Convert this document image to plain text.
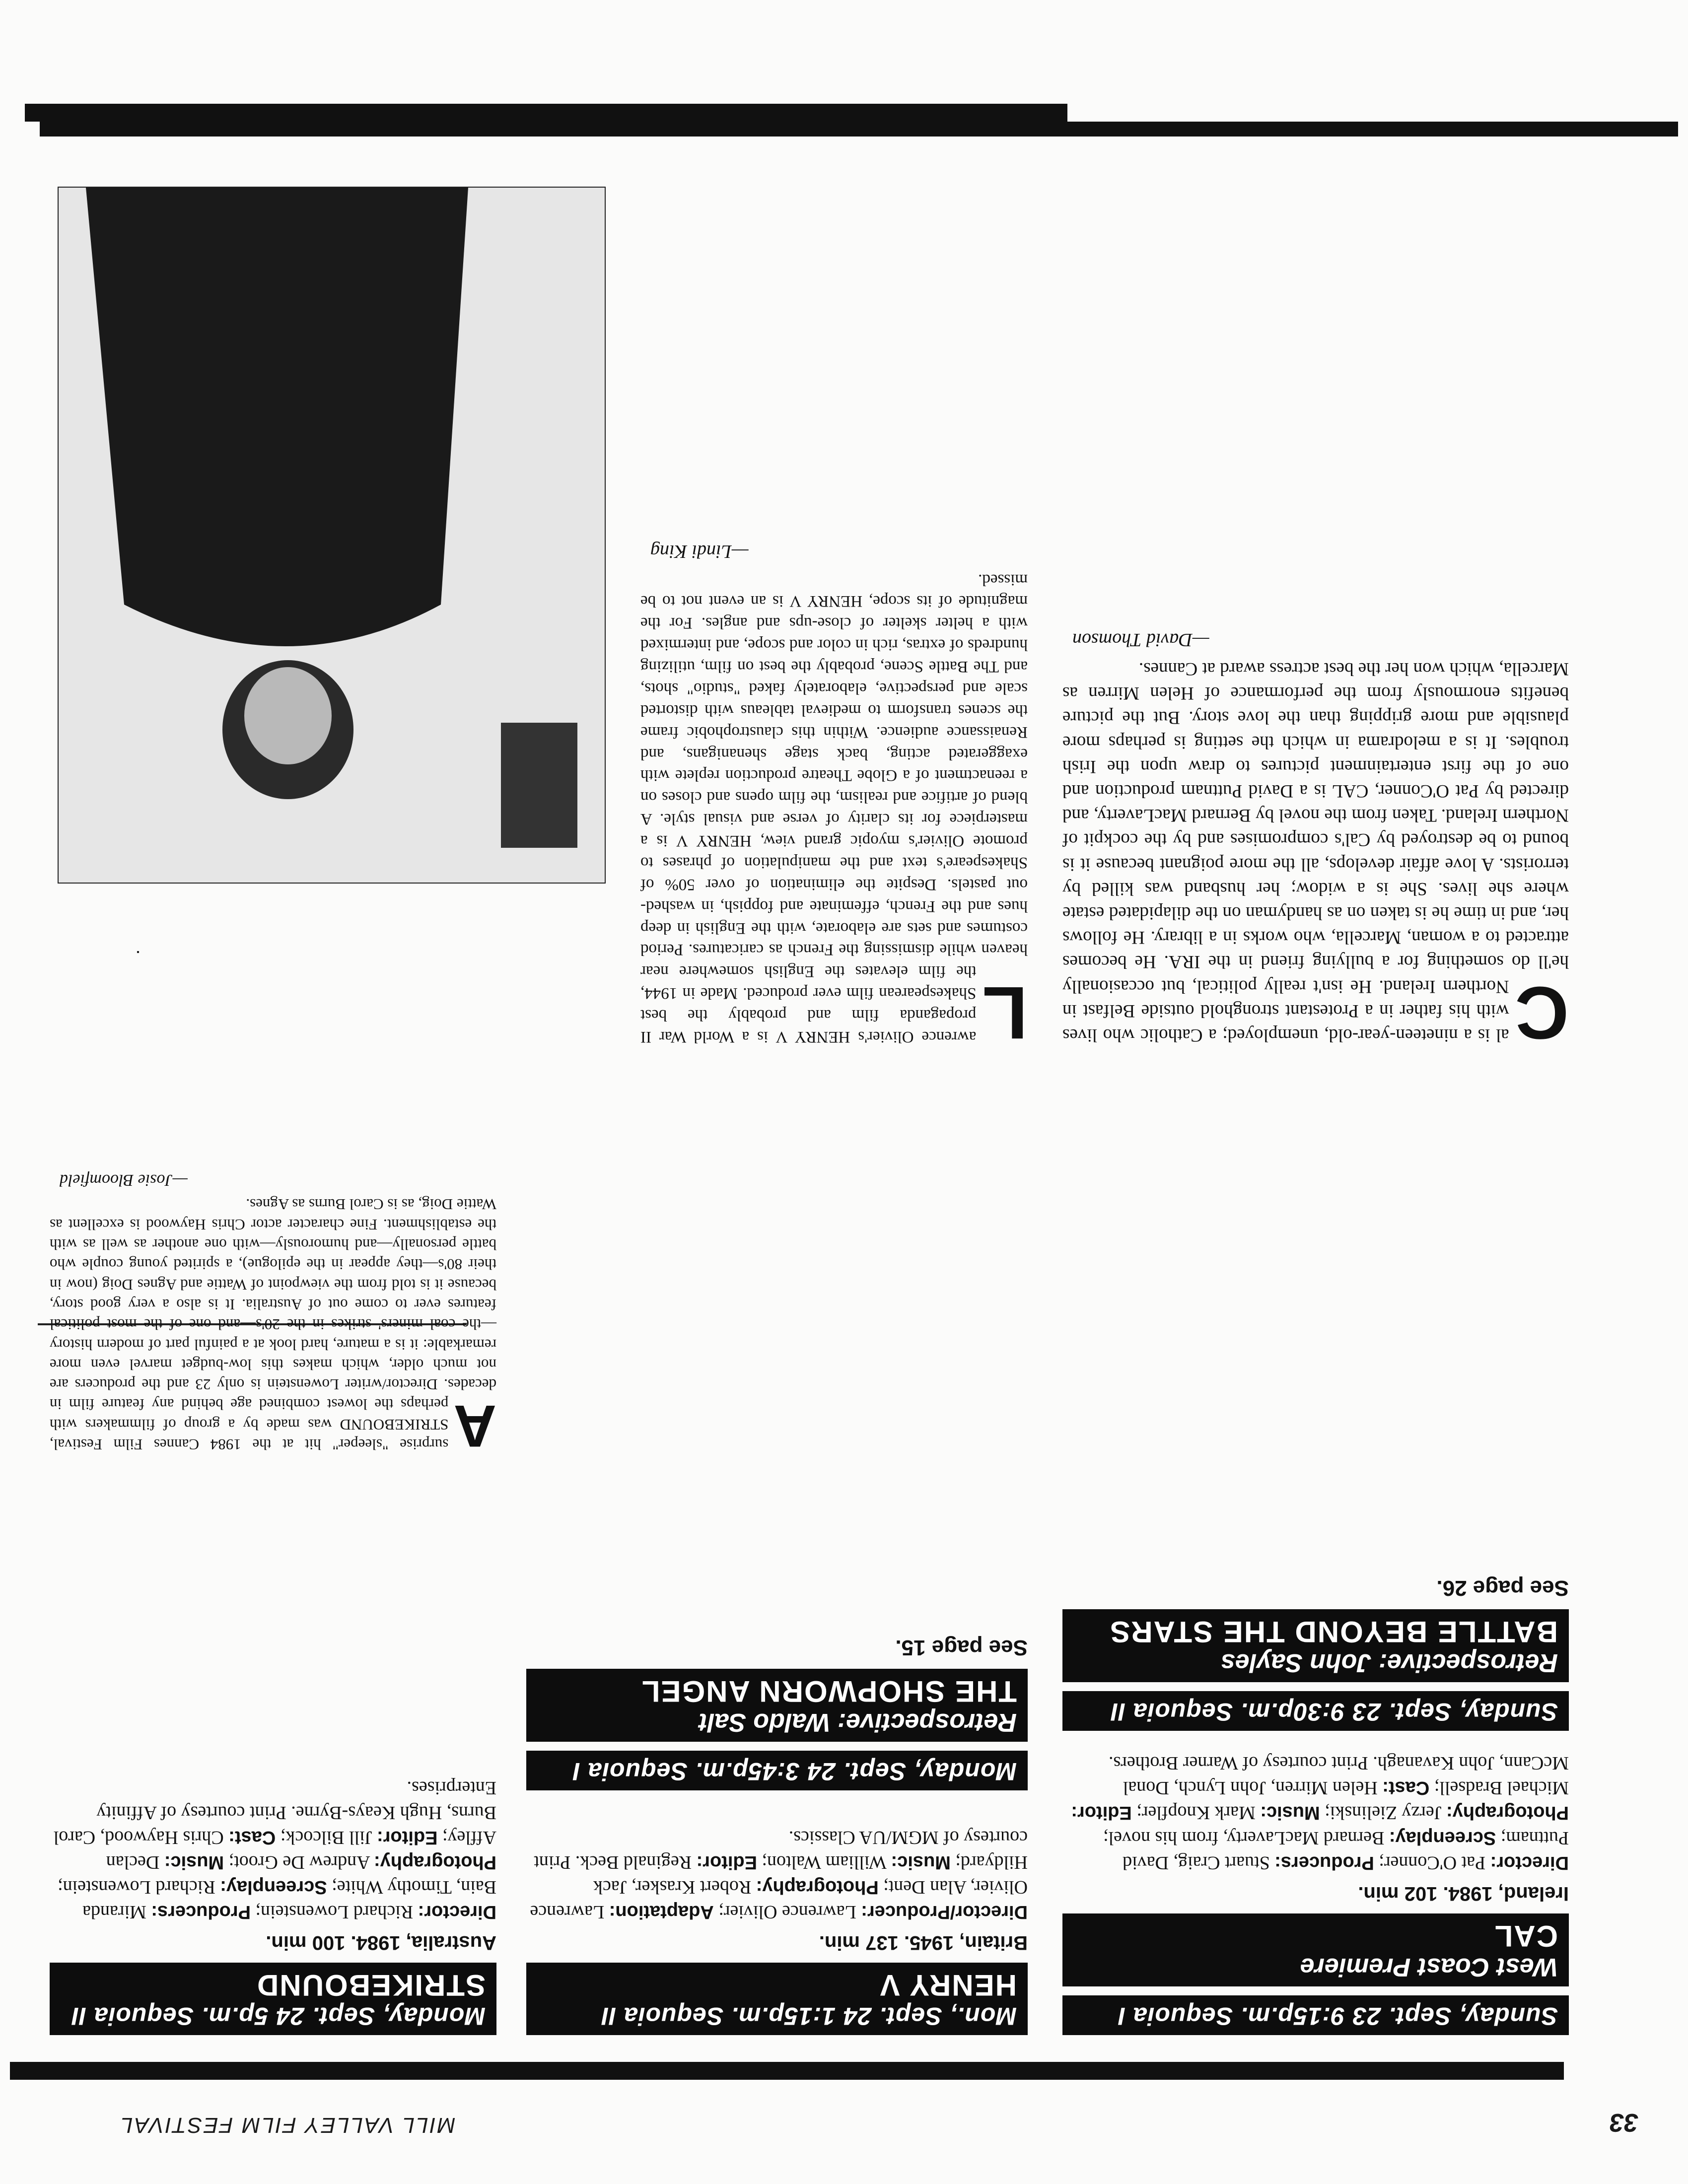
33
MILL VALLEY FILM FESTIVAL
Sunday, Sept. 23 9:15p.m. Sequoia I
West Coast Premiere
CAL
Ireland, 1984. 102 min.
Director: Pat O'Conner; Producers: Stuart Craig, David Puttnam; Screenplay: Bernard MacLaverty, from his novel; Photography: Jerzy Zielinski; Music: Mark Knopfler; Editor: Michael Bradsell; Cast: Helen Mirren, John Lynch, Donal McCann, John Kavanagh. Print courtesy of Warner Brothers.
Sunday, Sept. 23 9:30p.m. Sequoia II
Retrospective: John Sayles
BATTLE BEYOND THE STARS
See page 26.
Mon., Sept. 24 1:15p.m. Sequoia II
HENRY V
Britain, 1945. 137 min.
Director/Producer: Lawrence Olivier; Adaptation: Lawrence Olivier, Alan Dent; Photography: Robert Krasker, Jack Hildyard; Music: William Walton; Editor: Reginald Beck. Print courtesy of MGM/UA Classics.
Monday, Sept. 24 3:45p.m. Sequoia I
Retrospective: Waldo Salt
THE SHOPWORN ANGEL
See page 15.
Monday, Sept. 24 5p.m. Sequoia II
STRIKEBOUND
Australia, 1984. 100 min.
Director: Richard Lowenstein; Producers: Miranda Bain, Timothy White; Screenplay: Richard Lowenstein; Photography: Andrew De Groot; Music: Declan Affley; Editor: Jill Bilcock; Cast: Chris Haywood, Carol Burns, Hugh Keays-Byrne. Print courtesy of Affinity Enterprises.
C
al is a nineteen-year-old, unemployed; a Catholic who lives with his father in a Protestant stronghold outside Belfast in Northern Ireland. He isn't really political, but occasionally he'll do something for a bullying friend in the IRA. He becomes attracted to a woman, Marcella, who works in a library. He follows her, and in time he is taken on as handyman on the dilapidated estate where she lives. She is a widow; her husband was killed by terrorists. A love affair develops, all the more poignant because it is bound to be destroyed by Cal's compromises and by the cockpit of Northern Ireland. Taken from the novel by Bernard MacLaverty, and directed by Pat O'Conner, CAL is a David Puttnam production and one of the first entertainment pictures to draw upon the Irish troubles. It is a melodrama in which the setting is perhaps more plausible and more gripping than the love story. But the picture benefits enormously from the performance of Helen Mirren as Marcella, which won her the best actress award at Cannes.
—David Thomson
L
awrence Olivier's HENRY V is a World War II propaganda film and probably the best Shakespearean film ever produced. Made in 1944, the film elevates the English somewhere near heaven while dismissing the French as caricatures. Period costumes and sets are elaborate, with the English in deep hues and the French, effeminate and foppish, in washed-out pastels. Despite the elimination of over 50% of Shakespeare's text and the manipulation of phrases to promote Olivier's myopic grand view, HENRY V is a masterpiece for its clarity of verse and visual style. A blend of artifice and realism, the film opens and closes on a reenactment of a Globe Theatre production replete with exaggerated acting, back stage shenanigans, and Renaissance audience. Within this claustrophobic frame the scenes transform to medieval tableaus with distorted scale and perspective, elaborately faked "studio" shots, and The Battle Scene, probably the best on film, utilizing hundreds of extras, rich in color and scope, and intermixed with a helter skelter of close-ups and angles. For the magnitude of its scope, HENRY V is an event not to be missed.
—Lindi King
A
surprise "sleeper" hit at the 1984 Cannes Film Festival, STRIKEBOUND was made by a group of filmmakers with perhaps the lowest combined age behind any feature film in decades. Director/writer Lowenstein is only 23 and the producers are not much older, which makes this low-budget marvel even more remarkable: it is a mature, hard look at a painful part of modern history—the coal miners' strikes in the 20's—and one of the most political features ever to come out of Australia. It is also a very good story, because it is told from the viewpoint of Wattie and Agnes Doig (now in their 80's—they appear in the epilogue), a spirited young couple who battle personally—and humorously—with one another as well as with the establishment. Fine character actor Chris Haywood is excellent as Wattie Doig, as is Carol Burns as Agnes.
—Josie Bloomfield
